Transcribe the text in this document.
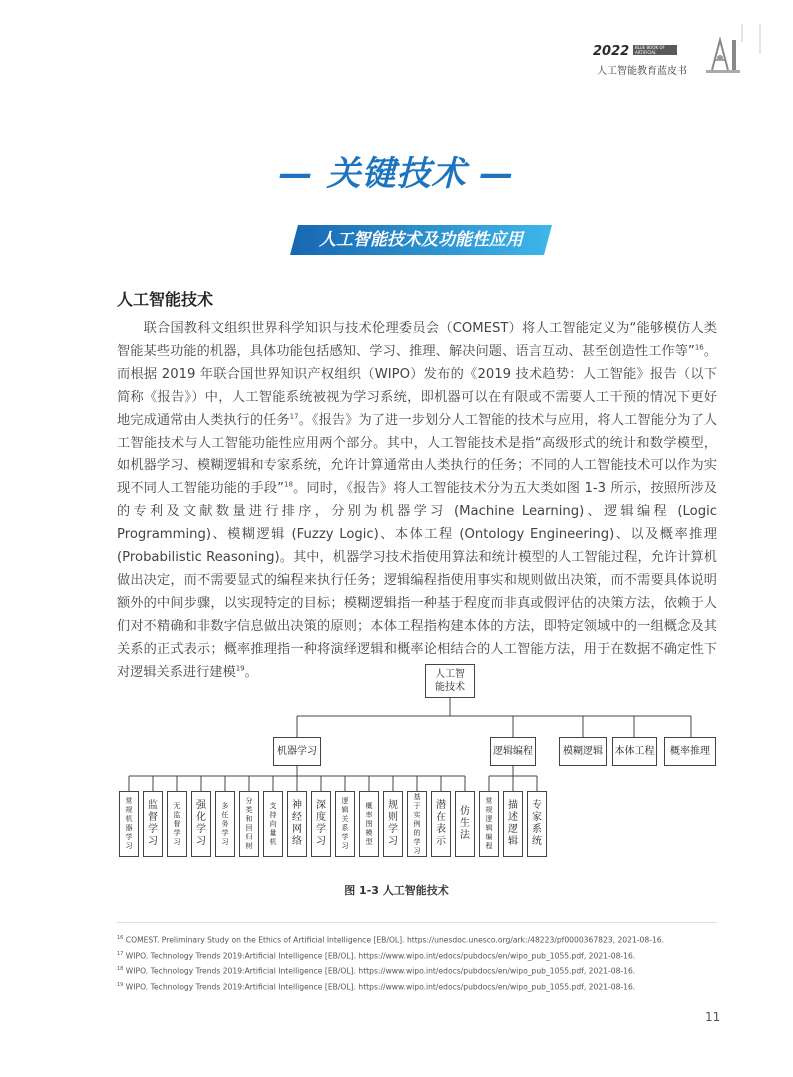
2022	BLUE BOOK OF ARTIFICIAL INTELLIGENCE EDUCATION
人工智能教育蓝皮书
— 关键技术 —
人工智能技术及功能性应用
人工智能技术

  联合国教科文组织世界科学知识与技术伦理委员会（COMEST）将人工智能定义为“能够模仿人类智能某些功能的机器，具体功能包括感知、学习、推理、解决问题、语言互动、甚至创造性工作等”$^{16}$。而根据 2019 年联合国世界知识产权组织（WIPO）发布的《2019 技术趋势：人工智能》报告（以下简称《报告》）中，人工智能系统被视为学习系统，即机器可以在有限或不需要人工干预的情况下更好地完成通常由人类执行的任务$^{17}$。《报告》为了进一步划分人工智能的技术与应用，将人工智能分为了人工智能技术与人工智能功能性应用两个部分。其中，人工智能技术是指“高级形式的统计和数学模型，如机器学习、模糊逻辑和专家系统，允许计算通常由人类执行的任务；不同的人工智能技术可以作为实现不同人工智能功能的手段”$^{18}$。同时，《报告》将人工智能技术分为五大类如图 1-3 所示，按照所涉及的专利及文献数量进行排序，分别为机器学习 (Machine Learning)、逻辑编程 (Logic Programming)、模糊逻辑 (Fuzzy Logic)、本体工程 (Ontology Engineering)、以及概率推理 (Probabilistic Reasoning)。其中，机器学习技术指使用算法和统计模型的人工智能过程，允许计算机做出决定，而不需要显式的编程来执行任务；逻辑编程指使用事实和规则做出决策，而不需要具体说明额外的中间步骤，以实现特定的目标；模糊逻辑指一种基于程度而非真或假评估的决策方法，依赖于人们对不精确和非数字信息做出决策的原则；本体工程指构建本体的方法，即特定领域中的一组概念及其关系的正式表示；概率推理指一种将演绎逻辑和概率论相结合的人工智能方法，用于在数据不确定性下对逻辑关系进行建模$^{19}$。	人工智能技术
机器学习	逻辑编程	模糊逻辑	本体工程	概率推理
常规机器学习
监督学习
无监督学习
强化学习
多任务学习
分类和回归树
支持向量机
神经网络
深度学习
逻辑关系学习
概率图模型
规则学习
基于实例的学习
潜在表示
仿生法
常规逻辑编程
描述逻辑
专家系统
图 1-3 人工智能技术
$^{16}$ COMEST. Preliminary Study on the Ethics of Artificial Intelligence [EB/OL]. https://unesdoc.unesco.org/ark:/48223/pf0000367823, 2021-08-16.
$^{17}$ WIPO. Technology Trends 2019:Artificial Intelligence [EB/OL]. https://www.wipo.int/edocs/pubdocs/en/wipo_pub_1055.pdf, 2021-08-16.
$^{18}$ WIPO. Technology Trends 2019:Artificial Intelligence [EB/OL]. https://www.wipo.int/edocs/pubdocs/en/wipo_pub_1055.pdf, 2021-08-16.
$^{19}$ WIPO. Technology Trends 2019:Artificial Intelligence [EB/OL]. https://www.wipo.int/edocs/pubdocs/en/wipo_pub_1055.pdf, 2021-08-16.
11
